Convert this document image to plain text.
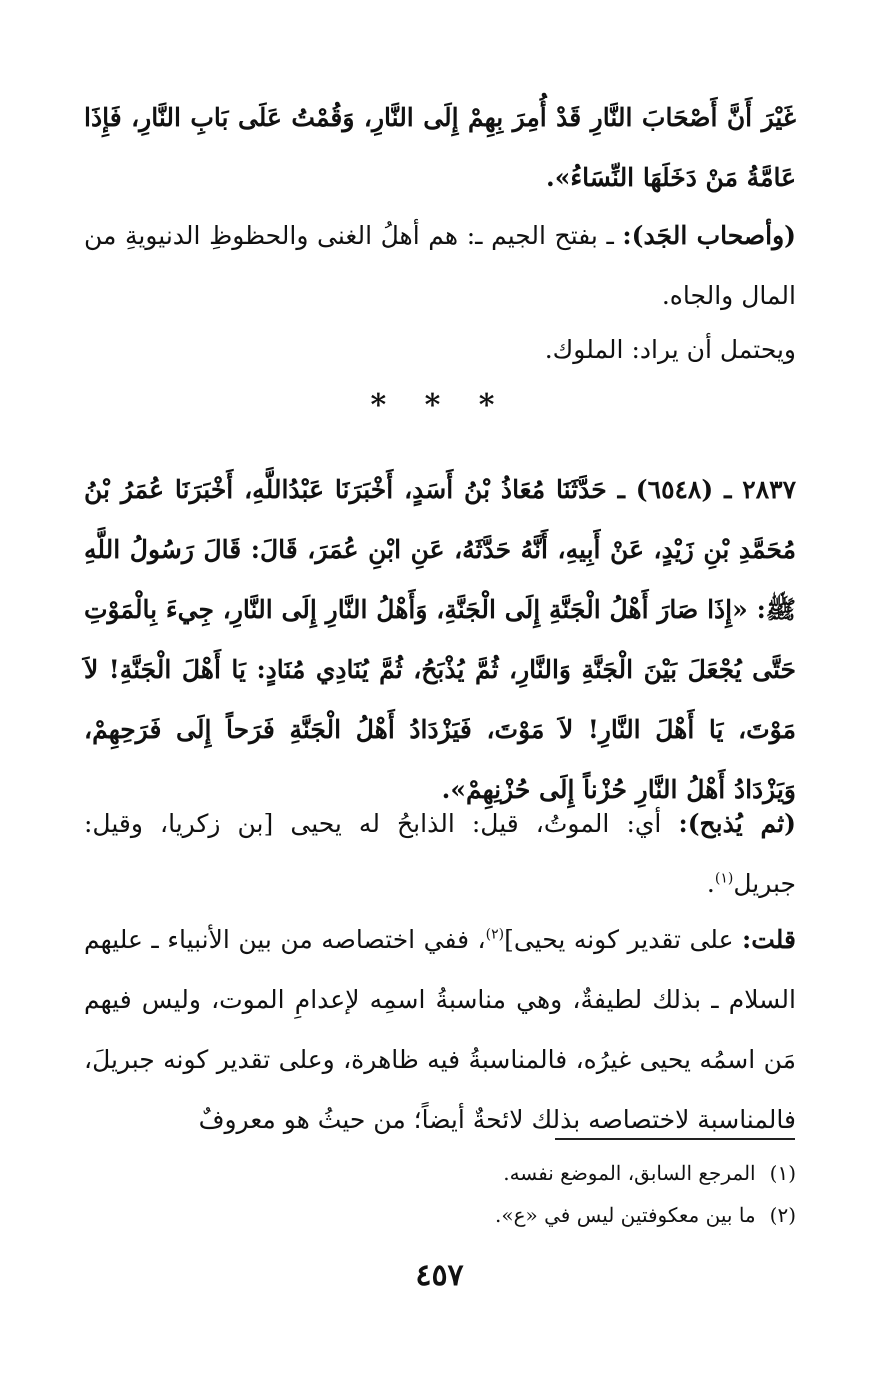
غَيْرَ أَنَّ أَصْحَابَ النَّارِ قَدْ أُمِرَ بِهِمْ إِلَى النَّارِ، وَقُمْتُ عَلَى بَابِ النَّارِ، فَإِذَا عَامَّةُ مَنْ دَخَلَهَا النِّسَاءُ».

(وأصحاب الجَد): ـ بفتح الجيم ـ: هم أهلُ الغنى والحظوظِ الدنيويةِ من المال والجاه.

ويحتمل أن يراد: الملوك.

* * *

٢٨٣٧ ـ (٦٥٤٨) ـ حَدَّثَنَا مُعَاذُ بْنُ أَسَدٍ، أَخْبَرَنَا عَبْدُاللَّهِ، أَخْبَرَنَا عُمَرُ بْنُ مُحَمَّدِ بْنِ زَيْدٍ، عَنْ أَبِيهِ، أَنَّهُ حَدَّثَهُ، عَنِ ابْنِ عُمَرَ، قَالَ: قَالَ رَسُولُ اللَّهِ ﷺ: «إِذَا صَارَ أَهْلُ الْجَنَّةِ إِلَى الْجَنَّةِ، وَأَهْلُ النَّارِ إِلَى النَّارِ، جِيءَ بِالْمَوْتِ حَتَّى يُجْعَلَ بَيْنَ الْجَنَّةِ وَالنَّارِ، ثُمَّ يُذْبَحُ، ثُمَّ يُنَادِي مُنَادٍ: يَا أَهْلَ الْجَنَّةِ! لاَ مَوْتَ، يَا أَهْلَ النَّارِ! لاَ مَوْتَ، فَيَزْدَادُ أَهْلُ الْجَنَّةِ فَرَحاً إِلَى فَرَحِهِمْ، وَيَزْدَادُ أَهْلُ النَّارِ حُزْناً إِلَى حُزْنِهِمْ».

(ثم يُذبح): أي: الموتُ، قيل: الذابحُ له يحيى [بن زكريا، وقيل: جبريل$^{(١)}$.

قلت: على تقدير كونه يحيى]$^{(٢)}$، ففي اختصاصه من بين الأنبياء ـ عليهم السلام ـ بذلك لطيفةٌ، وهي مناسبةُ اسمِه لإعدامِ الموت، وليس فيهم مَن اسمُه يحيى غيرُه، فالمناسبةُ فيه ظاهرة، وعلى تقدير كونه جبريلَ، فالمناسبة لاختصاصه بذلك لائحةٌ أيضاً؛ من حيثُ هو معروفٌ

(١)المرجع السابق، الموضع نفسه.

(٢)ما بين معكوفتين ليس في «ع».

٤٥٧
